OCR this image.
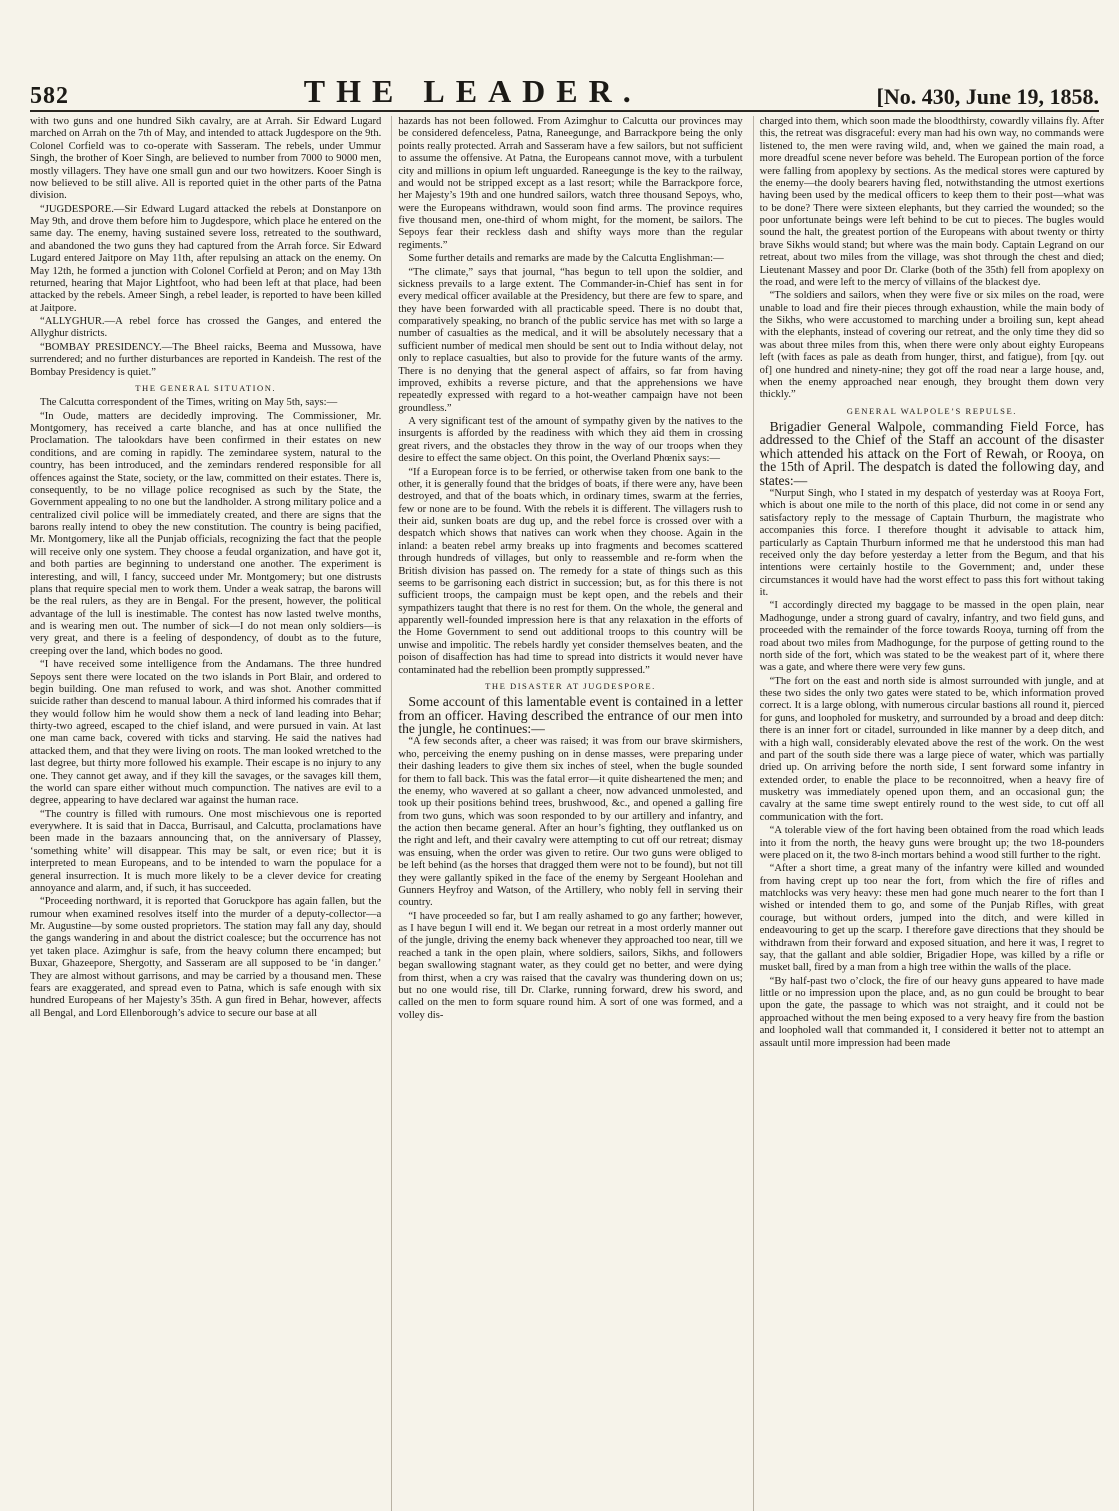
582	THE LEADER.	[No. 430, June 19, 1858.

with two guns and one hundred Sikh cavalry, are at Arrah. Sir Edward Lugard marched on Arrah on the 7th of May, and intended to attack Jugdespore on the 9th. Colonel Corfield was to co-operate with Sasseram. The rebels, under Ummur Singh, the brother of Koer Singh, are believed to number from 7000 to 9000 men, mostly villagers. They have one small gun and our two howitzers. Kooer Singh is now believed to be still alive. All is reported quiet in the other parts of the Patna division.

“JUGDESPORE.—Sir Edward Lugard attacked the rebels at Donstanpore on May 9th, and drove them before him to Jugdespore, which place he entered on the same day. The enemy, having sustained severe loss, retreated to the southward, and abandoned the two guns they had captured from the Arrah force. Sir Edward Lugard entered Jaitpore on May 11th, after repulsing an attack on the enemy. On May 12th, he formed a junction with Colonel Corfield at Peron; and on May 13th returned, hearing that Major Lightfoot, who had been left at that place, had been attacked by the rebels. Ameer Singh, a rebel leader, is reported to have been killed at Jaitpore.

“ALLYGHUR.—A rebel force has crossed the Ganges, and entered the Allyghur districts.

“BOMBAY PRESIDENCY.—The Bheel raicks, Beema and Mussowa, have surrendered; and no further disturbances are reported in Kandeish. The rest of the Bombay Presidency is quiet.”

THE GENERAL SITUATION.

The Calcutta correspondent of the Times, writing on May 5th, says:—

“In Oude, matters are decidedly improving. The Commissioner, Mr. Montgomery, has received a carte blanche, and has at once nullified the Proclamation. The talookdars have been confirmed in their estates on new conditions, and are coming in rapidly. The zemindaree system, natural to the country, has been introduced, and the zemindars rendered responsible for all offences against the State, society, or the law, committed on their estates. There is, consequently, to be no village police recognised as such by the State, the Government appealing to no one but the landholder. A strong military police and a centralized civil police will be immediately created, and there are signs that the barons really intend to obey the new constitution. The country is being pacified, Mr. Montgomery, like all the Punjab officials, recognizing the fact that the people will receive only one system. They choose a feudal organization, and have got it, and both parties are beginning to understand one another. The experiment is interesting, and will, I fancy, succeed under Mr. Montgomery; but one distrusts plans that require special men to work them. Under a weak satrap, the barons will be the real rulers, as they are in Bengal. For the present, however, the political advantage of the lull is inestimable. The contest has now lasted twelve months, and is wearing men out. The number of sick—I do not mean only soldiers—is very great, and there is a feeling of despondency, of doubt as to the future, creeping over the land, which bodes no good.

“I have received some intelligence from the Andamans. The three hundred Sepoys sent there were located on the two islands in Port Blair, and ordered to begin building. One man refused to work, and was shot. Another committed suicide rather than descend to manual labour. A third informed his comrades that if they would follow him he would show them a neck of land leading into Behar; thirty-two agreed, escaped to the chief island, and were pursued in vain. At last one man came back, covered with ticks and starving. He said the natives had attacked them, and that they were living on roots. The man looked wretched to the last degree, but thirty more followed his example. Their escape is no injury to any one. They cannot get away, and if they kill the savages, or the savages kill them, the world can spare either without much compunction. The natives are evil to a degree, appearing to have declared war against the human race.

“The country is filled with rumours. One most mischievous one is reported everywhere. It is said that in Dacca, Burrisaul, and Calcutta, proclamations have been made in the bazaars announcing that, on the anniversary of Plassey, ‘something white’ will disappear. This may be salt, or even rice; but it is interpreted to mean Europeans, and to be intended to warn the populace for a general insurrection. It is much more likely to be a clever device for creating annoyance and alarm, and, if such, it has succeeded.

“Proceeding northward, it is reported that Goruckpore has again fallen, but the rumour when examined resolves itself into the murder of a deputy-collector—a Mr. Augustine—by some ousted proprietors. The station may fall any day, should the gangs wandering in and about the district coalesce; but the occurrence has not yet taken place. Azimghur is safe, from the heavy column there encamped; but Buxar, Ghazeepore, Shergotty, and Sasseram are all supposed to be ‘in danger.’ They are almost without garrisons, and may be carried by a thousand men. These fears are exaggerated, and spread even to Patna, which is safe enough with six hundred Europeans of her Majesty’s 35th. A gun fired in Behar, however, affects all Bengal, and Lord Ellenborough’s advice to secure our base at all

hazards has not been followed. From Azimghur to Calcutta our provinces may be considered defenceless, Patna, Raneegunge, and Barrackpore being the only points really protected. Arrah and Sasseram have a few sailors, but not sufficient to assume the offensive. At Patna, the Europeans cannot move, with a turbulent city and millions in opium left unguarded. Raneegunge is the key to the railway, and would not be stripped except as a last resort; while the Barrackpore force, her Majesty’s 19th and one hundred sailors, watch three thousand Sepoys, who, were the Europeans withdrawn, would soon find arms. The province requires five thousand men, one-third of whom might, for the moment, be sailors. The Sepoys fear their reckless dash and shifty ways more than the regular regiments.”

Some further details and remarks are made by the Calcutta Englishman:—

“The climate,” says that journal, “has begun to tell upon the soldier, and sickness prevails to a large extent. The Commander-in-Chief has sent in for every medical officer available at the Presidency, but there are few to spare, and they have been forwarded with all practicable speed. There is no doubt that, comparatively speaking, no branch of the public service has met with so large a number of casualties as the medical, and it will be absolutely necessary that a sufficient number of medical men should be sent out to India without delay, not only to replace casualties, but also to provide for the future wants of the army. There is no denying that the general aspect of affairs, so far from having improved, exhibits a reverse picture, and that the apprehensions we have repeatedly expressed with regard to a hot-weather campaign have not been groundless.”

A very significant test of the amount of sympathy given by the natives to the insurgents is afforded by the readiness with which they aid them in crossing great rivers, and the obstacles they throw in the way of our troops when they desire to effect the same object. On this point, the Overland Phœnix says:—

“If a European force is to be ferried, or otherwise taken from one bank to the other, it is generally found that the bridges of boats, if there were any, have been destroyed, and that of the boats which, in ordinary times, swarm at the ferries, few or none are to be found. With the rebels it is different. The villagers rush to their aid, sunken boats are dug up, and the rebel force is crossed over with a despatch which shows that natives can work when they choose. Again in the inland: a beaten rebel army breaks up into fragments and becomes scattered through hundreds of villages, but only to reassemble and re-form when the British division has passed on. The remedy for a state of things such as this seems to be garrisoning each district in succession; but, as for this there is not sufficient troops, the campaign must be kept open, and the rebels and their sympathizers taught that there is no rest for them. On the whole, the general and apparently well-founded impression here is that any relaxation in the efforts of the Home Government to send out additional troops to this country will be unwise and impolitic. The rebels hardly yet consider themselves beaten, and the poison of disaffection has had time to spread into districts it would never have contaminated had the rebellion been promptly suppressed.”

THE DISASTER AT JUGDESPORE.

Some account of this lamentable event is contained in a letter from an officer. Having described the entrance of our men into the jungle, he continues:—

“A few seconds after, a cheer was raised; it was from our brave skirmishers, who, perceiving the enemy pushing on in dense masses, were preparing under their dashing leaders to give them six inches of steel, when the bugle sounded for them to fall back. This was the fatal error—it quite disheartened the men; and the enemy, who wavered at so gallant a cheer, now advanced unmolested, and took up their positions behind trees, brushwood, &c., and opened a galling fire from two guns, which was soon responded to by our artillery and infantry, and the action then became general. After an hour’s fighting, they outflanked us on the right and left, and their cavalry were attempting to cut off our retreat; dismay was ensuing, when the order was given to retire. Our two guns were obliged to be left behind (as the horses that dragged them were not to be found), but not till they were gallantly spiked in the face of the enemy by Sergeant Hoolehan and Gunners Heyfroy and Watson, of the Artillery, who nobly fell in serving their country.

“I have proceeded so far, but I am really ashamed to go any farther; however, as I have begun I will end it. We began our retreat in a most orderly manner out of the jungle, driving the enemy back whenever they approached too near, till we reached a tank in the open plain, where soldiers, sailors, Sikhs, and followers began swallowing stagnant water, as they could get no better, and were dying from thirst, when a cry was raised that the cavalry was thundering down on us; but no one would rise, till Dr. Clarke, running forward, drew his sword, and called on the men to form square round him. A sort of one was formed, and a volley dis-

charged into them, which soon made the bloodthirsty, cowardly villains fly. After this, the retreat was disgraceful: every man had his own way, no commands were listened to, the men were raving wild, and, when we gained the main road, a more dreadful scene never before was beheld. The European portion of the force were falling from apoplexy by sections. As the medical stores were captured by the enemy—the dooly bearers having fled, notwithstanding the utmost exertions having been used by the medical officers to keep them to their post—what was to be done? There were sixteen elephants, but they carried the wounded; so the poor unfortunate beings were left behind to be cut to pieces. The bugles would sound the halt, the greatest portion of the Europeans with about twenty or thirty brave Sikhs would stand; but where was the main body. Captain Legrand on our retreat, about two miles from the village, was shot through the chest and died; Lieutenant Massey and poor Dr. Clarke (both of the 35th) fell from apoplexy on the road, and were left to the mercy of villains of the blackest dye.

“The soldiers and sailors, when they were five or six miles on the road, were unable to load and fire their pieces through exhaustion, while the main body of the Sikhs, who were accustomed to marching under a broiling sun, kept ahead with the elephants, instead of covering our retreat, and the only time they did so was about three miles from this, when there were only about eighty Europeans left (with faces as pale as death from hunger, thirst, and fatigue), from [qy. out of] one hundred and ninety-nine; they got off the road near a large house, and, when the enemy approached near enough, they brought them down very thickly.”

GENERAL WALPOLE’S REPULSE.

Brigadier General Walpole, commanding Field Force, has addressed to the Chief of the Staff an account of the disaster which attended his attack on the Fort of Rewah, or Rooya, on the 15th of April. The despatch is dated the following day, and states:—

“Nurput Singh, who I stated in my despatch of yesterday was at Rooya Fort, which is about one mile to the north of this place, did not come in or send any satisfactory reply to the message of Captain Thurburn, the magistrate who accompanies this force. I therefore thought it advisable to attack him, particularly as Captain Thurburn informed me that he understood this man had received only the day before yesterday a letter from the Begum, and that his intentions were certainly hostile to the Government; and, under these circumstances it would have had the worst effect to pass this fort without taking it.

“I accordingly directed my baggage to be massed in the open plain, near Madhogunge, under a strong guard of cavalry, infantry, and two field guns, and proceeded with the remainder of the force towards Rooya, turning off from the road about two miles from Madhogunge, for the purpose of getting round to the north side of the fort, which was stated to be the weakest part of it, where there was a gate, and where there were very few guns.

“The fort on the east and north side is almost surrounded with jungle, and at these two sides the only two gates were stated to be, which information proved correct. It is a large oblong, with numerous circular bastions all round it, pierced for guns, and loopholed for musketry, and surrounded by a broad and deep ditch: there is an inner fort or citadel, surrounded in like manner by a deep ditch, and with a high wall, considerably elevated above the rest of the work. On the west and part of the south side there was a large piece of water, which was partially dried up. On arriving before the north side, I sent forward some infantry in extended order, to enable the place to be reconnoitred, when a heavy fire of musketry was immediately opened upon them, and an occasional gun; the cavalry at the same time swept entirely round to the west side, to cut off all communication with the fort.

“A tolerable view of the fort having been obtained from the road which leads into it from the north, the heavy guns were brought up; the two 18-pounders were placed on it, the two 8-inch mortars behind a wood still further to the right.

“After a short time, a great many of the infantry were killed and wounded from having crept up too near the fort, from which the fire of rifles and matchlocks was very heavy: these men had gone much nearer to the fort than I wished or intended them to go, and some of the Punjab Rifles, with great courage, but without orders, jumped into the ditch, and were killed in endeavouring to get up the scarp. I therefore gave directions that they should be withdrawn from their forward and exposed situation, and here it was, I regret to say, that the gallant and able soldier, Brigadier Hope, was killed by a rifle or musket ball, fired by a man from a high tree within the walls of the place.

“By half-past two o’clock, the fire of our heavy guns appeared to have made little or no impression upon the place, and, as no gun could be brought to bear upon the gate, the passage to which was not straight, and it could not be approached without the men being exposed to a very heavy fire from the bastion and loopholed wall that commanded it, I considered it better not to attempt an assault until more impression had been made
